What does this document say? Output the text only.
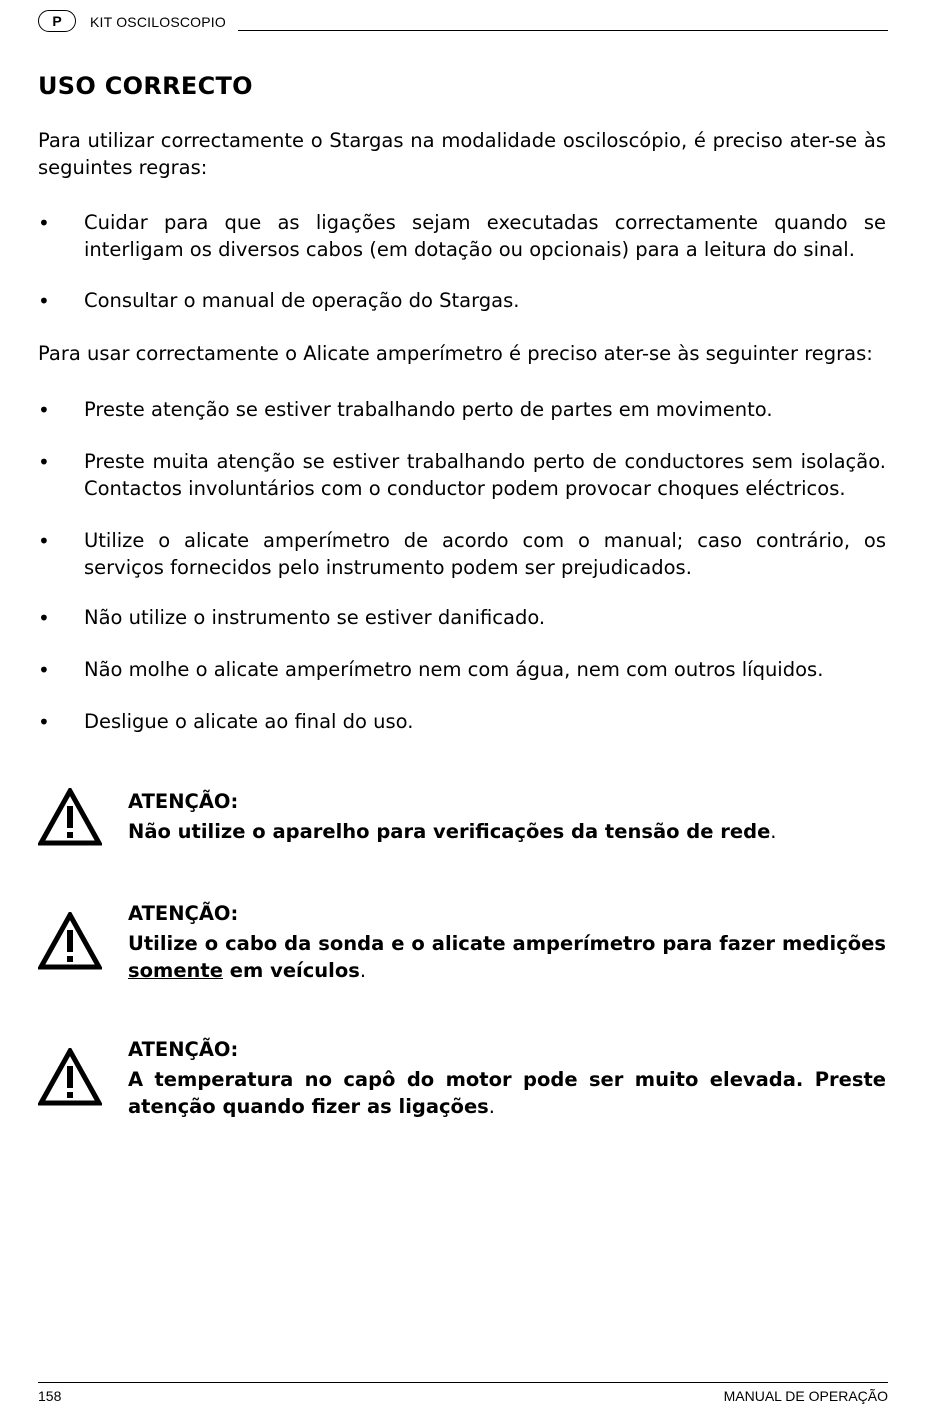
P	KIT OSCILOSCOPIO
USO CORRECTO

Para utilizar correctamente o Stargas na modalidade osciloscópio, é preciso ater-se às seguintes regras:

• Cuidar para que as ligações sejam executadas correctamente quando se interligam os diversos cabos (em dotação ou opcionais) para a leitura do sinal.
• Consultar o manual de operação do Stargas.

Para usar correctamente o Alicate amperímetro é preciso ater-se às seguinter regras:

• Preste atenção se estiver trabalhando perto de partes em movimento.
• Preste muita atenção se estiver trabalhando perto de conductores sem isolação. Contactos involuntários com o conductor podem provocar choques eléctricos.
• Utilize o alicate amperímetro de acordo com o manual; caso contrário, os serviços fornecidos pelo instrumento podem ser prejudicados.
• Não utilize o instrumento se estiver danificado.
• Não molhe o alicate amperímetro nem com água, nem com outros líquidos.
• Desligue o alicate ao final do uso.
ATENÇÃO:
Não utilize o aparelho para verificações da tensão de rede.
ATENÇÃO:
Utilize o cabo da sonda e o alicate amperímetro para fazer medições somente em veículos.
ATENÇÃO:
A temperatura no capô do motor pode ser muito elevada. Preste atenção quando fizer as ligações.
158	MANUAL DE OPERAÇÃO
